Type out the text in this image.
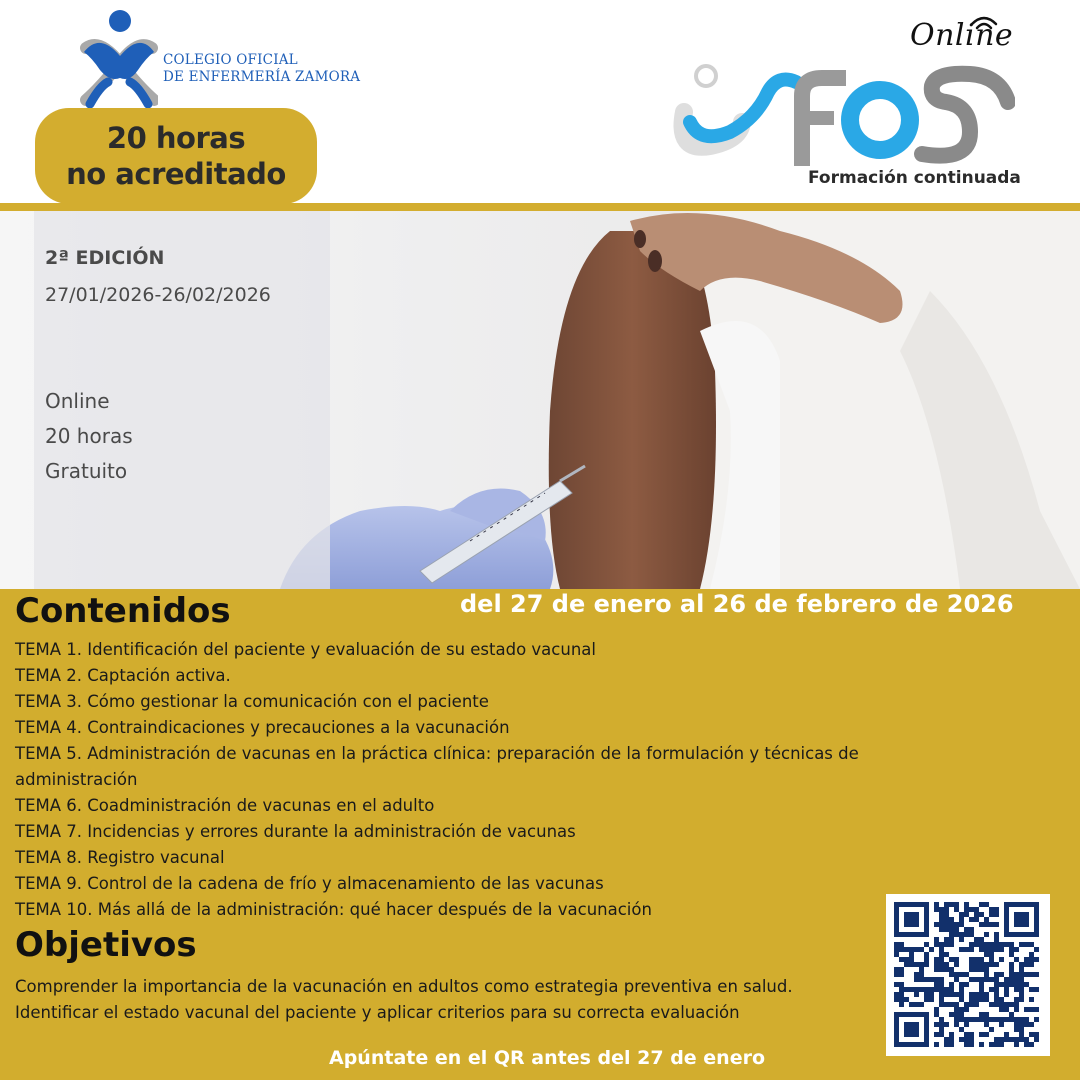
COLEGIO OFICIAL
DE ENFERMERÍA ZAMORA
20 horas
no acreditado
Online
Formación continuada
2ª EDICIÓN
27/01/2026-26/02/2026
Online
20 horas
Gratuito
Contenidos	del 27 de enero al 26 de febrero de 2026
TEMA 1. Identificación del paciente y evaluación de su estado vacunal
TEMA 2. Captación activa.
TEMA 3. Cómo gestionar la comunicación con el paciente
TEMA 4. Contraindicaciones y precauciones a la vacunación
TEMA 5. Administración de vacunas en la práctica clínica: preparación de la formulación y técnicas de administración
TEMA 6. Coadministración de vacunas en el adulto
TEMA 7. Incidencias y errores durante la administración de vacunas
TEMA 8. Registro vacunal
TEMA 9. Control de la cadena de frío y almacenamiento de las vacunas
TEMA 10. Más allá de la administración: qué hacer después de la vacunación
Objetivos
Comprender la importancia de la vacunación en adultos como estrategia preventiva en salud.
Identificar el estado vacunal del paciente y aplicar criterios para su correcta evaluación
Apúntate en el QR antes del 27 de enero
